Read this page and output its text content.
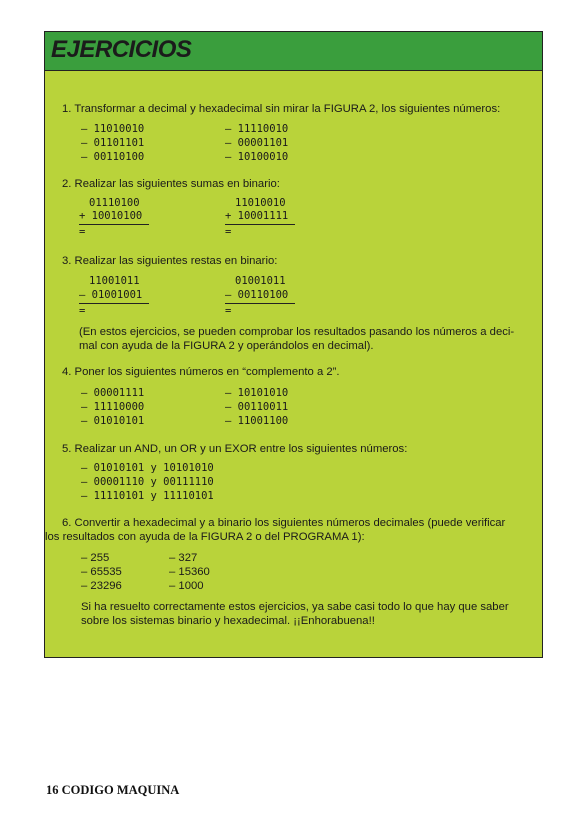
EJERCICIOS
1. Transformar a decimal y hexadecimal sin mirar la FIGURA 2, los siguientes números:
– 11010010
– 01101101
– 00110100
– 11110010
– 00001101
– 10100010
2. Realizar las siguientes sumas en binario:
01110100
+ 10010100
=
11010010
+ 10001111
=
3. Realizar las siguientes restas en binario:
11001011
– 01001001
=
01001011
– 00110100
=
(En estos ejercicios, se pueden comprobar los resultados pasando los números a deci-
mal con ayuda de la FIGURA 2 y operándolos en decimal).
4. Poner los siguientes números en “complemento a 2”.
– 00001111
– 11110000
– 01010101
– 10101010
– 00110011
– 11001100
5. Realizar un AND, un OR y un EXOR entre los siguientes números:
– 01010101 y 10101010
– 00001110 y 00111110
– 11110101 y 11110101
6. Convertir a hexadecimal y a binario los siguientes números decimales (puede verificar
los resultados con ayuda de la FIGURA 2 o del PROGRAMA 1):
– 255
– 65535
– 23296
– 327
– 15360
– 1000
Si ha resuelto correctamente estos ejercicios, ya sabe casi todo lo que hay que saber
sobre los sistemas binario y hexadecimal. ¡¡Enhorabuena!!
16 CODIGO MAQUINA
